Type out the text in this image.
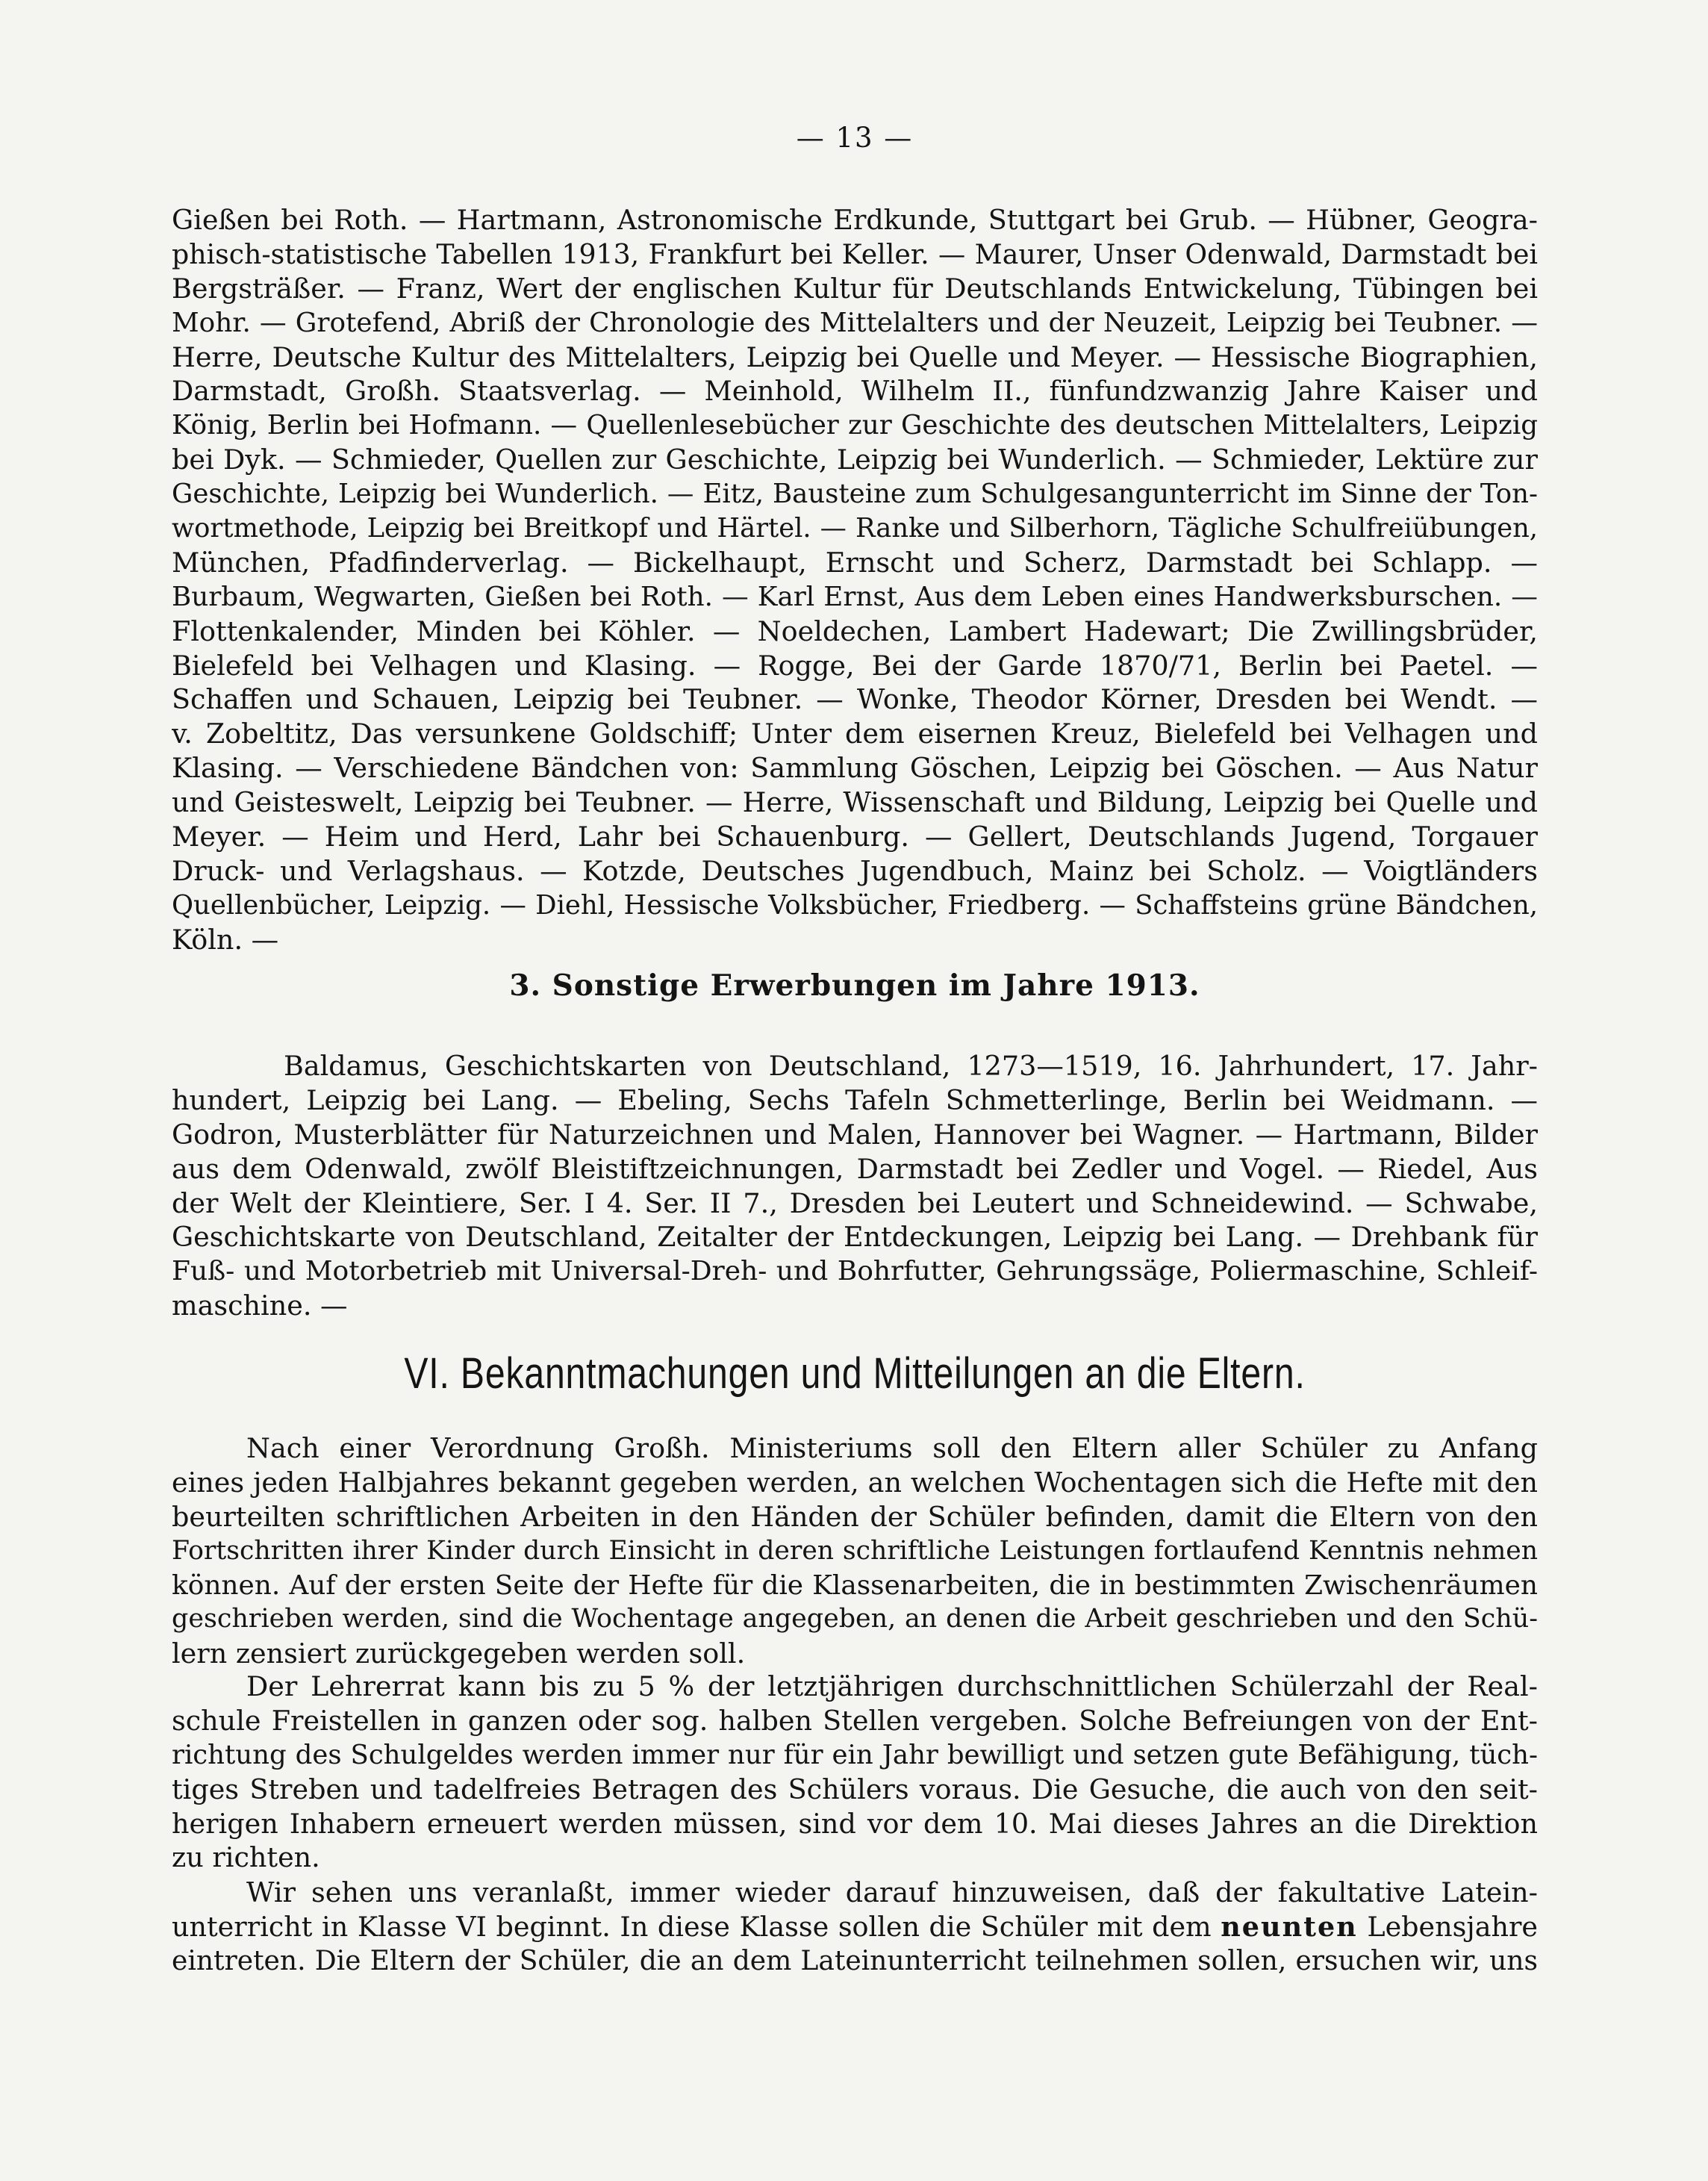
— 13 —
Gießen bei Roth. — Hartmann, Astronomische Erdkunde, Stuttgart bei Grub. — Hübner, Geogra-
phisch-statistische Tabellen 1913, Frankfurt bei Keller. — Maurer, Unser Odenwald, Darmstadt bei
Bergsträßer. — Franz, Wert der englischen Kultur für Deutschlands Entwickelung, Tübingen bei
Mohr. — Grotefend, Abriß der Chronologie des Mittelalters und der Neuzeit, Leipzig bei Teubner. —
Herre, Deutsche Kultur des Mittelalters, Leipzig bei Quelle und Meyer. — Hessische Biographien,
Darmstadt, Großh. Staatsverlag. — Meinhold, Wilhelm II., fünfundzwanzig Jahre Kaiser und
König, Berlin bei Hofmann. — Quellenlesebücher zur Geschichte des deutschen Mittelalters, Leipzig
bei Dyk. — Schmieder, Quellen zur Geschichte, Leipzig bei Wunderlich. — Schmieder, Lektüre zur
Geschichte, Leipzig bei Wunderlich. — Eitz, Bausteine zum Schulgesangunterricht im Sinne der Ton-
wortmethode, Leipzig bei Breitkopf und Härtel. — Ranke und Silberhorn, Tägliche Schulfreiübungen,
München, Pfadfinderverlag. — Bickelhaupt, Ernscht und Scherz, Darmstadt bei Schlapp. —
Burbaum, Wegwarten, Gießen bei Roth. — Karl Ernst, Aus dem Leben eines Handwerksburschen. —
Flottenkalender, Minden bei Köhler. — Noeldechen, Lambert Hadewart; Die Zwillingsbrüder,
Bielefeld bei Velhagen und Klasing. — Rogge, Bei der Garde 1870/71, Berlin bei Paetel. —
Schaffen und Schauen, Leipzig bei Teubner. — Wonke, Theodor Körner, Dresden bei Wendt. —
v. Zobeltitz, Das versunkene Goldschiff; Unter dem eisernen Kreuz, Bielefeld bei Velhagen und
Klasing. — Verschiedene Bändchen von: Sammlung Göschen, Leipzig bei Göschen. — Aus Natur
und Geisteswelt, Leipzig bei Teubner. — Herre, Wissenschaft und Bildung, Leipzig bei Quelle und
Meyer. — Heim und Herd, Lahr bei Schauenburg. — Gellert, Deutschlands Jugend, Torgauer
Druck- und Verlagshaus. — Kotzde, Deutsches Jugendbuch, Mainz bei Scholz. — Voigtländers
Quellenbücher, Leipzig. — Diehl, Hessische Volksbücher, Friedberg. — Schaffsteins grüne Bändchen,
Köln. —
3. Sonstige Erwerbungen im Jahre 1913.
Baldamus, Geschichtskarten von Deutschland, 1273—1519, 16. Jahrhundert, 17. Jahr-
hundert, Leipzig bei Lang. — Ebeling, Sechs Tafeln Schmetterlinge, Berlin bei Weidmann. —
Godron, Musterblätter für Naturzeichnen und Malen, Hannover bei Wagner. — Hartmann, Bilder
aus dem Odenwald, zwölf Bleistiftzeichnungen, Darmstadt bei Zedler und Vogel. — Riedel, Aus
der Welt der Kleintiere, Ser. I 4. Ser. II 7., Dresden bei Leutert und Schneidewind. — Schwabe,
Geschichtskarte von Deutschland, Zeitalter der Entdeckungen, Leipzig bei Lang. — Drehbank für
Fuß- und Motorbetrieb mit Universal-Dreh- und Bohrfutter, Gehrungssäge, Poliermaschine, Schleif-
maschine. —
VI. Bekanntmachungen und Mitteilungen an die Eltern.
Nach einer Verordnung Großh. Ministeriums soll den Eltern aller Schüler zu Anfang
eines jeden Halbjahres bekannt gegeben werden, an welchen Wochentagen sich die Hefte mit den
beurteilten schriftlichen Arbeiten in den Händen der Schüler befinden, damit die Eltern von den
Fortschritten ihrer Kinder durch Einsicht in deren schriftliche Leistungen fortlaufend Kenntnis nehmen
können. Auf der ersten Seite der Hefte für die Klassenarbeiten, die in bestimmten Zwischenräumen
geschrieben werden, sind die Wochentage angegeben, an denen die Arbeit geschrieben und den Schü-
lern zensiert zurückgegeben werden soll.
Der Lehrerrat kann bis zu 5 % der letztjährigen durchschnittlichen Schülerzahl der Real-
schule Freistellen in ganzen oder sog. halben Stellen vergeben. Solche Befreiungen von der Ent-
richtung des Schulgeldes werden immer nur für ein Jahr bewilligt und setzen gute Befähigung, tüch-
tiges Streben und tadelfreies Betragen des Schülers voraus. Die Gesuche, die auch von den seit-
herigen Inhabern erneuert werden müssen, sind vor dem 10. Mai dieses Jahres an die Direktion
zu richten.
Wir sehen uns veranlaßt, immer wieder darauf hinzuweisen, daß der fakultative Latein-
unterricht in Klasse VI beginnt. In diese Klasse sollen die Schüler mit dem neunten Lebensjahre
eintreten. Die Eltern der Schüler, die an dem Lateinunterricht teilnehmen sollen, ersuchen wir, uns
